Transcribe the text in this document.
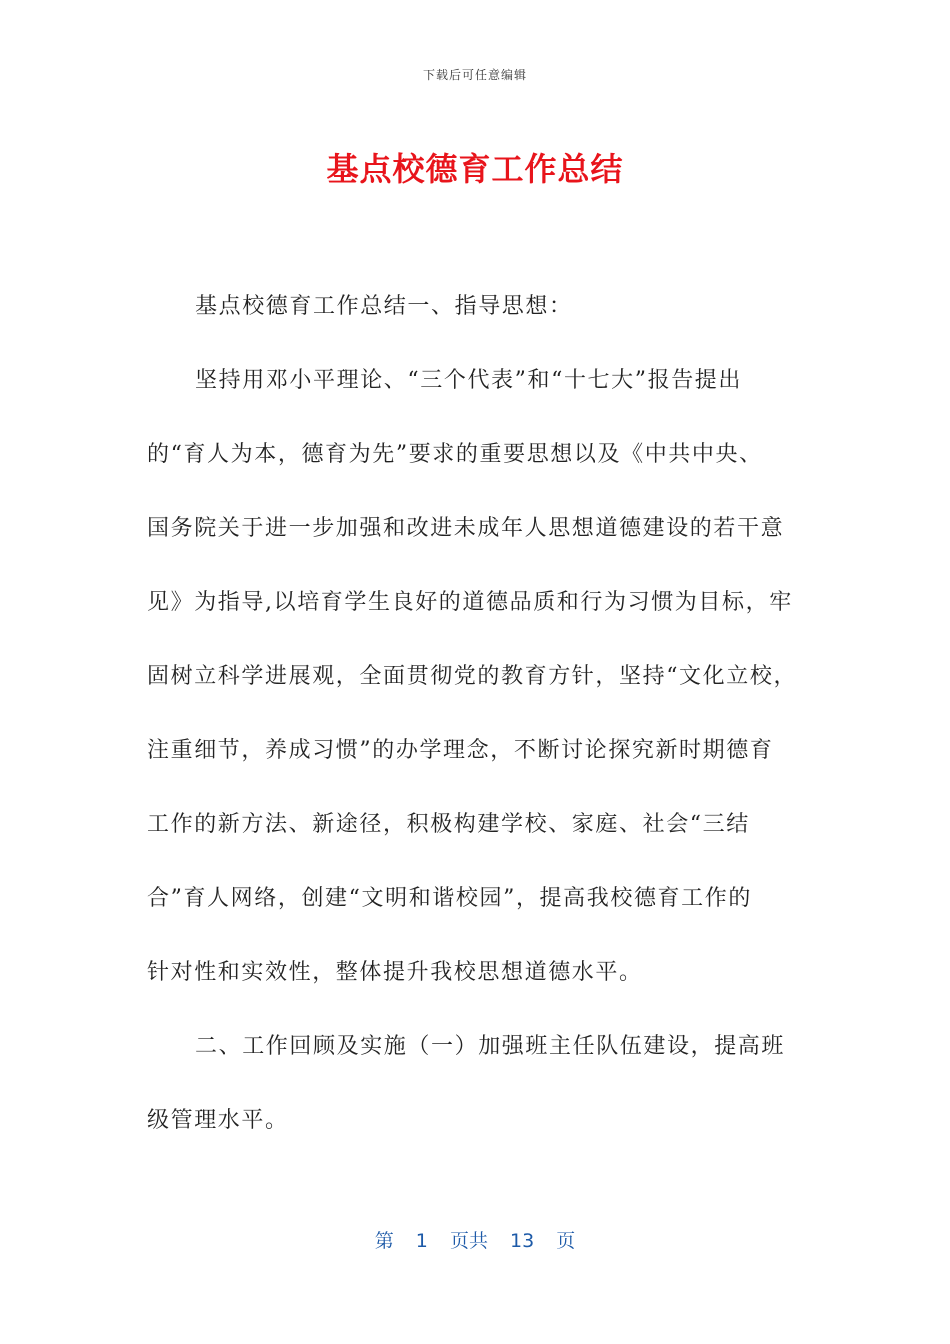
下载后可任意编辑
基点校德育工作总结
基点校德育工作总结一、指导思想：
坚持用邓小平理论、“三个代表”和“十七大”报告提出
的“育人为本，德育为先”要求的重要思想以及《中共中央、
国务院关于进一步加强和改进未成年人思想道德建设的若干意
见》为指导,以培育学生良好的道德品质和行为习惯为目标，牢
固树立科学进展观，全面贯彻党的教育方针，坚持“文化立校，
注重细节，养成习惯”的办学理念，不断讨论探究新时期德育
工作的新方法、新途径，积极构建学校、家庭、社会“三结
合”育人网络，创建“文明和谐校园”，提高我校德育工作的
针对性和实效性，整体提升我校思想道德水平。
二、工作回顾及实施（一）加强班主任队伍建设，提高班
级管理水平。
第 1 页共 13 页
